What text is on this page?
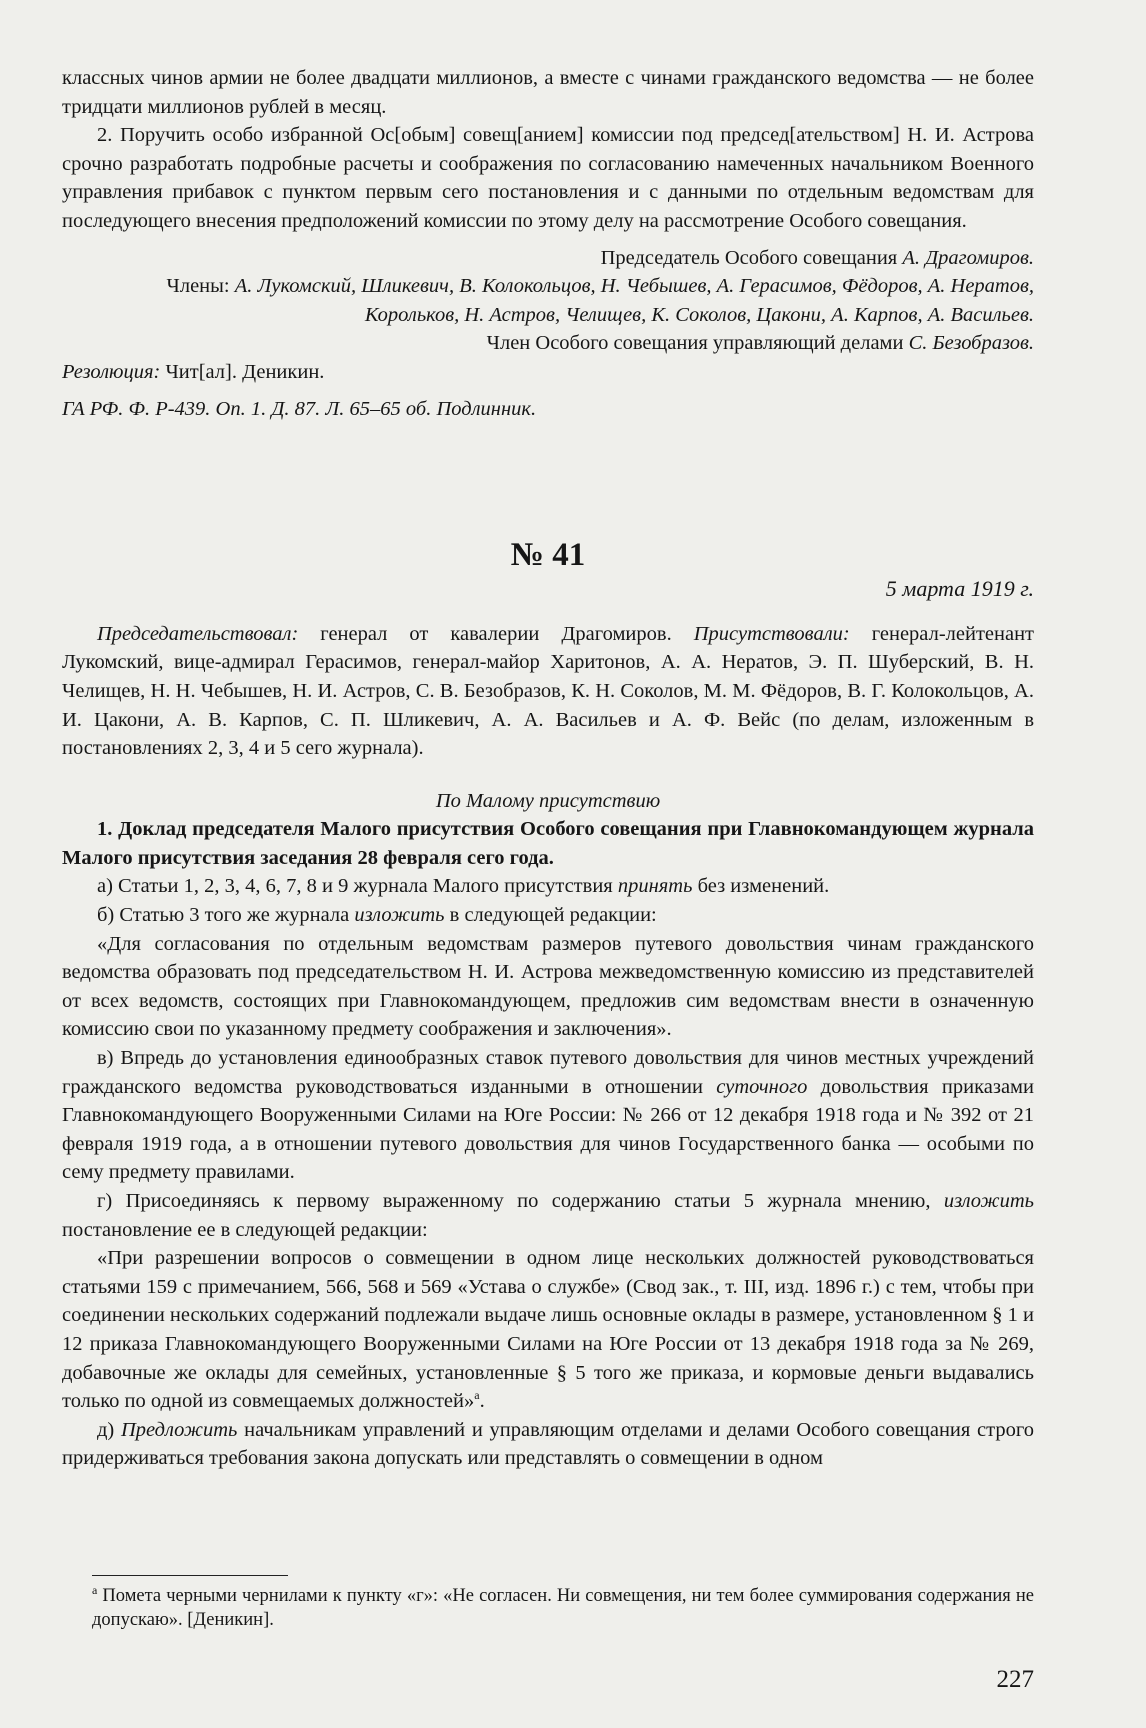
классных чинов армии не более двадцати миллионов, а вместе с чинами гражданского ведомства — не более тридцати миллионов рублей в месяц.

2. Поручить особо избранной Ос[обым] совещ[анием] комиссии под председ[ательством] Н. И. Астрова срочно разработать подробные расчеты и соображения по согласованию намеченных начальником Военного управления прибавок с пунктом первым сего постановления и с данными по отдельным ведомствам для последующего внесения предположений комиссии по этому делу на рассмотрение Особого совещания.

Председатель Особого совещания А. Драгомиров.

Члены: А. Лукомский, Шликевич, В. Колокольцов, Н. Чебышев, А. Герасимов, Фёдоров, А. Нератов,

Корольков, Н. Астров, Челищев, К. Соколов, Цакони, А. Карпов, А. Васильев.

Член Особого совещания управляющий делами С. Безобразов.

Резолюция: Чит[ал]. Деникин.

ГА РФ. Ф. Р-439. Оп. 1. Д. 87. Л. 65–65 об. Подлинник.

№ 41
5 марта 1919 г.

Председательствовал: генерал от кавалерии Драгомиров. Присутствовали: генерал-лейтенант Лукомский, вице-адмирал Герасимов, генерал-майор Харитонов, А. А. Нератов, Э. П. Шуберский, В. Н. Челищев, Н. Н. Чебышев, Н. И. Астров, С. В. Безобразов, К. Н. Соколов, М. М. Фёдоров, В. Г. Колокольцов, А. И. Цакони, А. В. Карпов, С. П. Шликевич, А. А. Васильев и А. Ф. Вейс (по делам, изложенным в постановлениях 2, 3, 4 и 5 сего журнала).

По Малому присутствию

1. Доклад председателя Малого присутствия Особого совещания при Главнокомандующем журнала Малого присутствия заседания 28 февраля сего года.

а) Статьи 1, 2, 3, 4, 6, 7, 8 и 9 журнала Малого присутствия принять без изменений.

б) Статью 3 того же журнала изложить в следующей редакции:

«Для согласования по отдельным ведомствам размеров путевого довольствия чинам гражданского ведомства образовать под председательством Н. И. Астрова межведомственную комиссию из представителей от всех ведомств, состоящих при Главнокомандующем, предложив сим ведомствам внести в означенную комиссию свои по указанному предмету соображения и заключения».

в) Впредь до установления единообразных ставок путевого довольствия для чинов местных учреждений гражданского ведомства руководствоваться изданными в отношении суточного довольствия приказами Главнокомандующего Вооруженными Силами на Юге России: № 266 от 12 декабря 1918 года и № 392 от 21 февраля 1919 года, а в отношении путевого довольствия для чинов Государственного банка — особыми по сему предмету правилами.

г) Присоединяясь к первому выраженному по содержанию статьи 5 журнала мнению, изложить постановление ее в следующей редакции:

«При разрешении вопросов о совмещении в одном лице нескольких должностей руководствоваться статьями 159 с примечанием, 566, 568 и 569 «Устава о службе» (Свод зак., т. III, изд. 1896 г.) с тем, чтобы при соединении нескольких содержаний подлежали выдаче лишь основные оклады в размере, установленном § 1 и 12 приказа Главнокомандующего Вооруженными Силами на Юге России от 13 декабря 1918 года за № 269, добавочные же оклады для семейных, установленные § 5 того же приказа, и кормовые деньги выдавались только по одной из совмещаемых должностей»$^а$.

д) Предложить начальникам управлений и управляющим отделами и делами Особого совещания строго придерживаться требования закона допускать или представлять о совмещении в одном

$^а$ Помета черными чернилами к пункту «г»: «Не согласен. Ни совмещения, ни тем более суммирования содержания не допускаю». [Деникин].

227
